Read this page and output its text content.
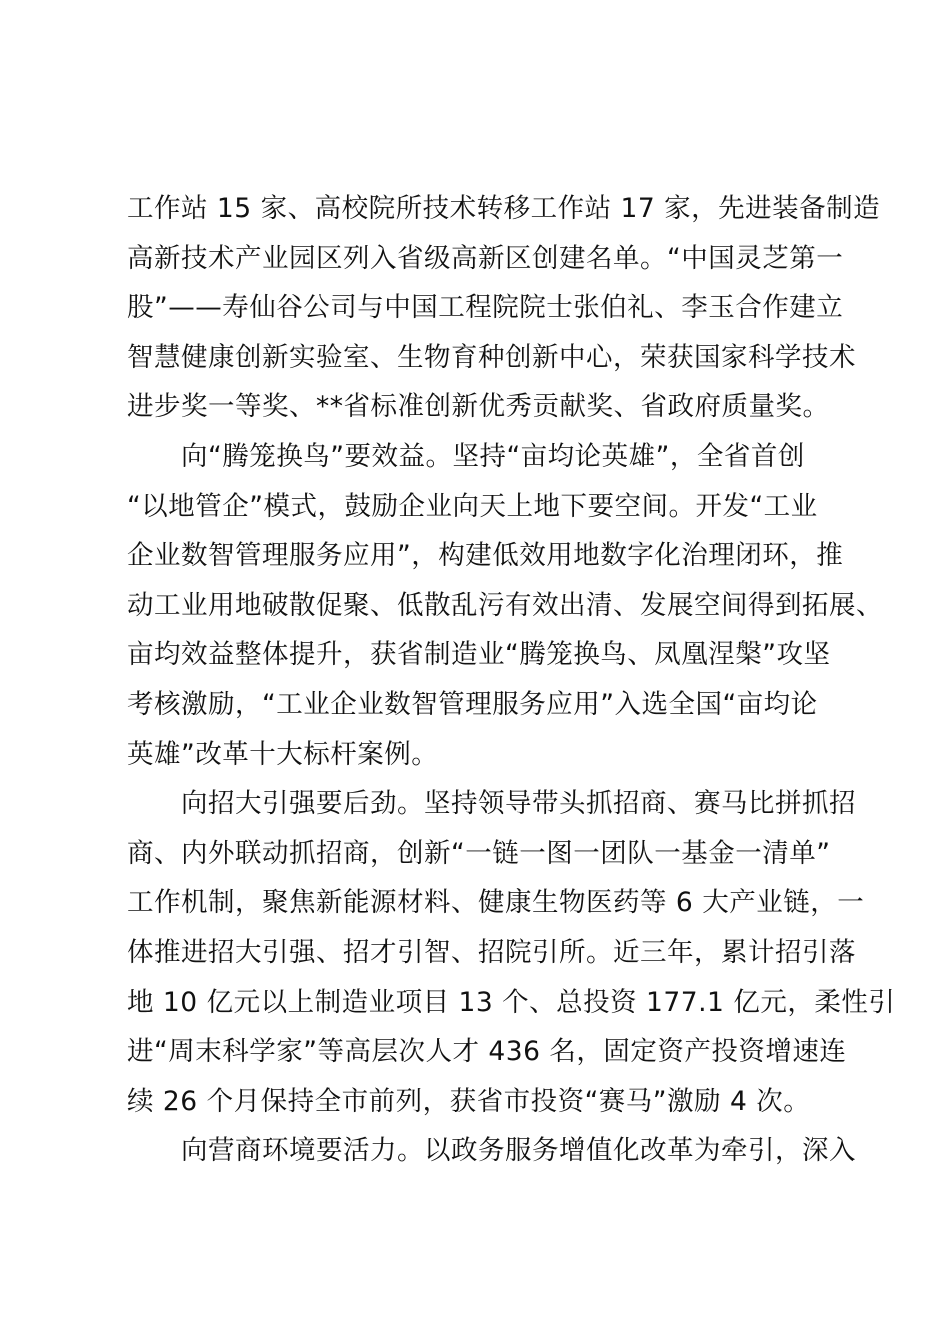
工作站 15 家、高校院所技术转移工作站 17 家，先进装备制造
高新技术产业园区列入省级高新区创建名单。“中国灵芝第一
股”——寿仙谷公司与中国工程院院士张伯礼、李玉合作建立
智慧健康创新实验室、生物育种创新中心，荣获国家科学技术
进步奖一等奖、**省标准创新优秀贡献奖、省政府质量奖。
向“腾笼换鸟”要效益。坚持“亩均论英雄”，全省首创
“以地管企”模式，鼓励企业向天上地下要空间。开发“工业
企业数智管理服务应用”，构建低效用地数字化治理闭环，推
动工业用地破散促聚、低散乱污有效出清、发展空间得到拓展、
亩均效益整体提升，获省制造业“腾笼换鸟、凤凰涅槃”攻坚
考核激励，“工业企业数智管理服务应用”入选全国“亩均论
英雄”改革十大标杆案例。
向招大引强要后劲。坚持领导带头抓招商、赛马比拼抓招
商、内外联动抓招商，创新“一链一图一团队一基金一清单”
工作机制，聚焦新能源材料、健康生物医药等 6 大产业链，一
体推进招大引强、招才引智、招院引所。近三年，累计招引落
地 10 亿元以上制造业项目 13 个、总投资 177.1 亿元，柔性引
进“周末科学家”等高层次人才 436 名，固定资产投资增速连
续 26 个月保持全市前列，获省市投资“赛马”激励 4 次。
向营商环境要活力。以政务服务增值化改革为牵引，深入
